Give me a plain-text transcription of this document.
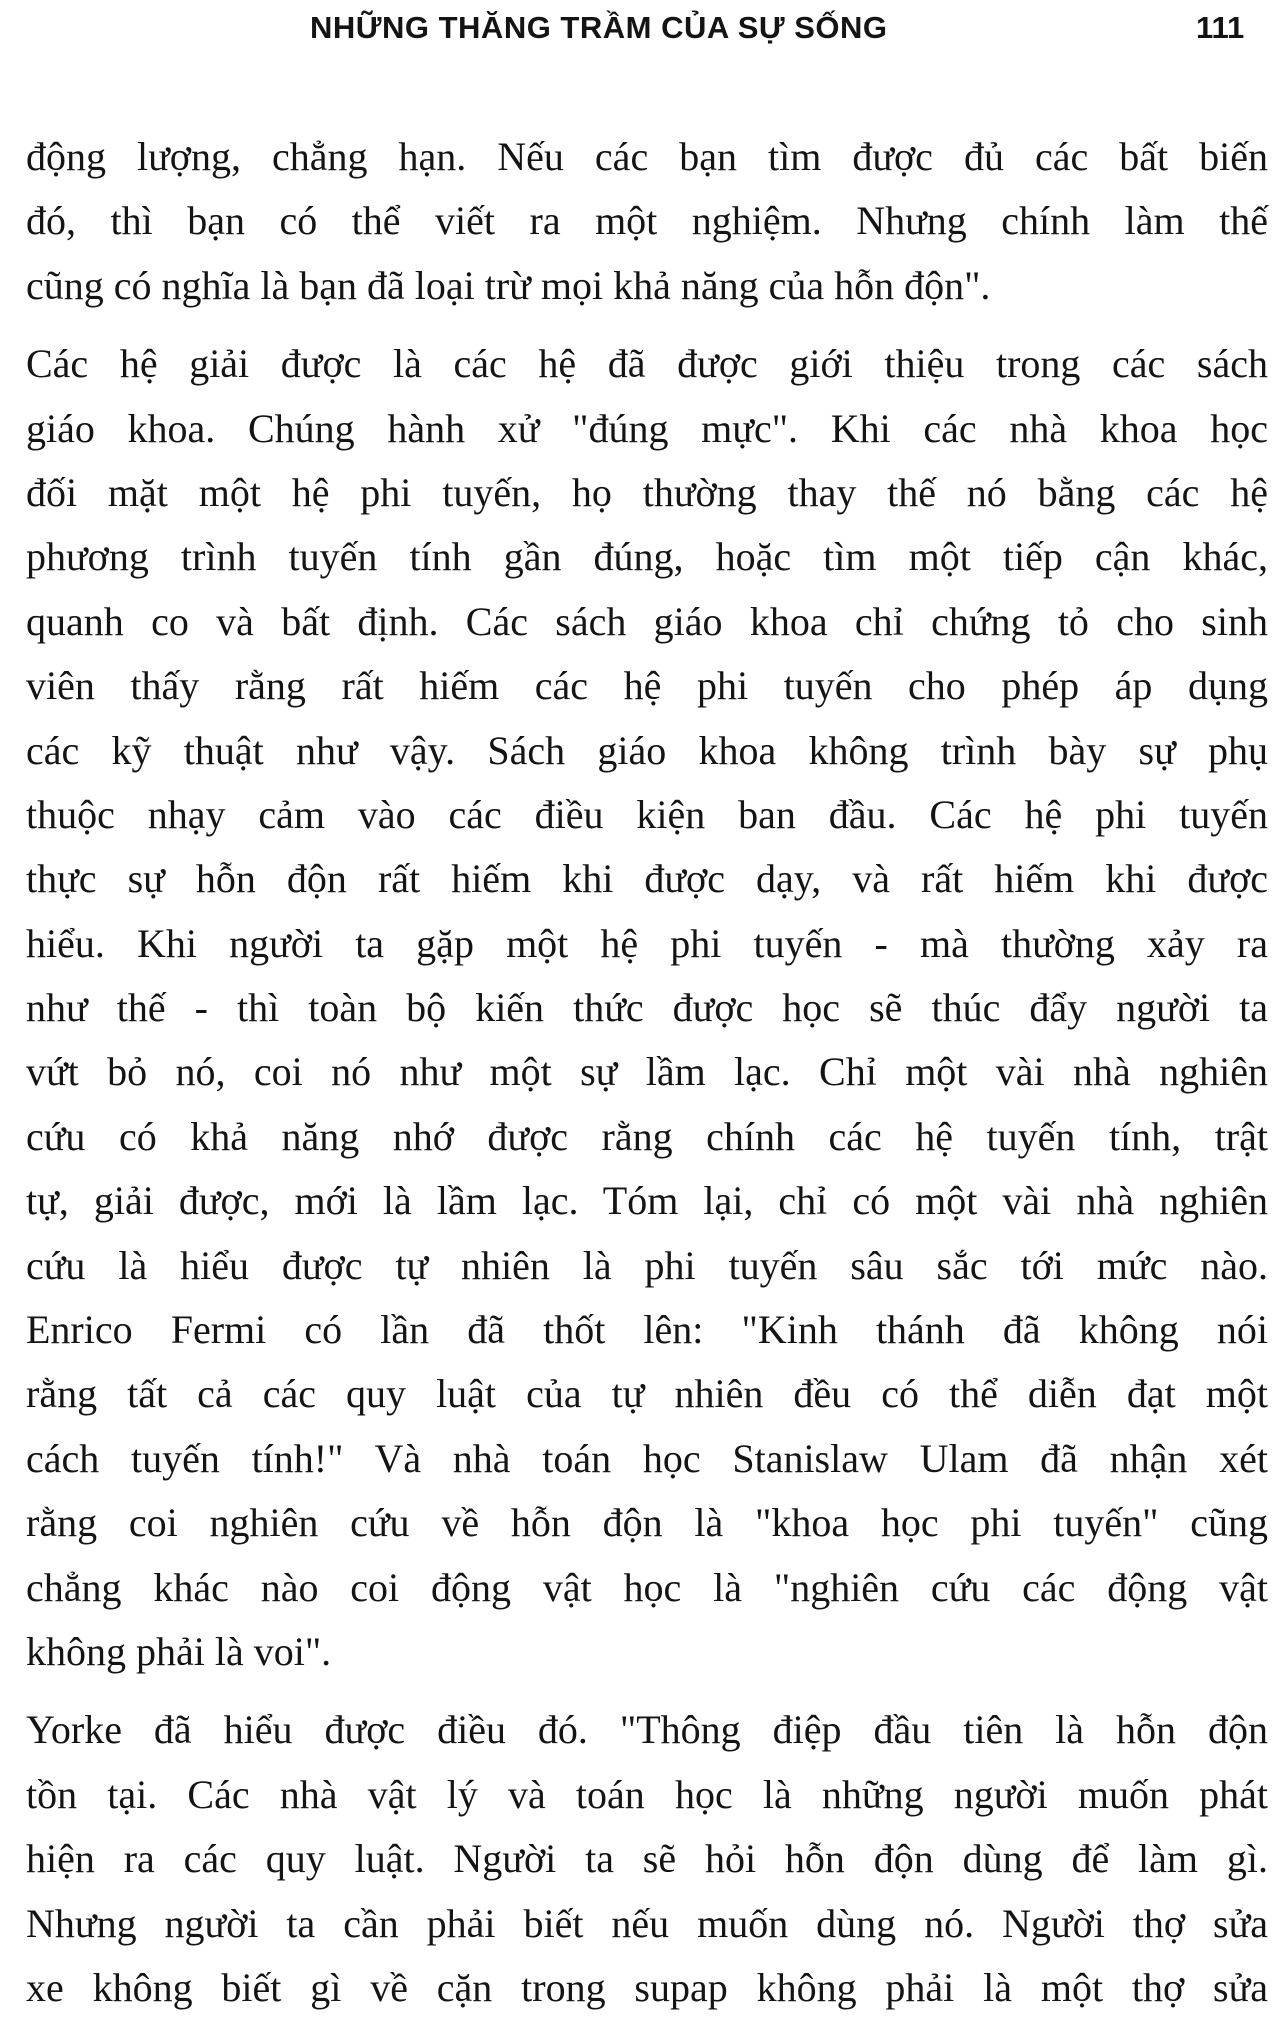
NHỮNG THĂNG TRẦM CỦA SỰ SỐNG	111
động lượng, chẳng hạn. Nếu các bạn tìm được đủ các bất biến
đó, thì bạn có thể viết ra một nghiệm. Nhưng chính làm thế
cũng có nghĩa là bạn đã loại trừ mọi khả năng của hỗn độn".
Các hệ giải được là các hệ đã được giới thiệu trong các sách
giáo khoa. Chúng hành xử "đúng mực". Khi các nhà khoa học
đối mặt một hệ phi tuyến, họ thường thay thế nó bằng các hệ
phương trình tuyến tính gần đúng, hoặc tìm một tiếp cận khác,
quanh co và bất định. Các sách giáo khoa chỉ chứng tỏ cho sinh
viên thấy rằng rất hiếm các hệ phi tuyến cho phép áp dụng
các kỹ thuật như vậy. Sách giáo khoa không trình bày sự phụ
thuộc nhạy cảm vào các điều kiện ban đầu. Các hệ phi tuyến
thực sự hỗn độn rất hiếm khi được dạy, và rất hiếm khi được
hiểu. Khi người ta gặp một hệ phi tuyến - mà thường xảy ra
như thế - thì toàn bộ kiến thức được học sẽ thúc đẩy người ta
vứt bỏ nó, coi nó như một sự lầm lạc. Chỉ một vài nhà nghiên
cứu có khả năng nhớ được rằng chính các hệ tuyến tính, trật
tự, giải được, mới là lầm lạc. Tóm lại, chỉ có một vài nhà nghiên
cứu là hiểu được tự nhiên là phi tuyến sâu sắc tới mức nào.
Enrico Fermi có lần đã thốt lên: "Kinh thánh đã không nói
rằng tất cả các quy luật của tự nhiên đều có thể diễn đạt một
cách tuyến tính!" Và nhà toán học Stanislaw Ulam đã nhận xét
rằng coi nghiên cứu về hỗn độn là "khoa học phi tuyến" cũng
chẳng khác nào coi động vật học là "nghiên cứu các động vật
không phải là voi".
Yorke đã hiểu được điều đó. "Thông điệp đầu tiên là hỗn độn
tồn tại. Các nhà vật lý và toán học là những người muốn phát
hiện ra các quy luật. Người ta sẽ hỏi hỗn độn dùng để làm gì.
Nhưng người ta cần phải biết nếu muốn dùng nó. Người thợ sửa
xe không biết gì về cặn trong supap không phải là một thợ sửa
